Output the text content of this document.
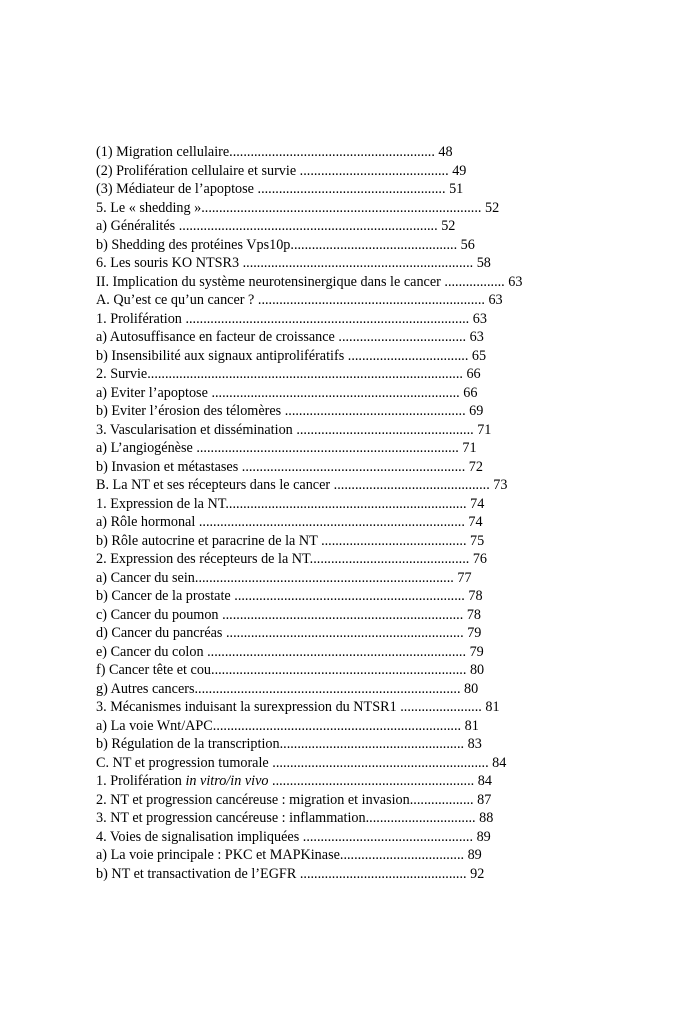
(1) Migration cellulaire.......................................................... 48
(2) Prolifération cellulaire et survie .......................................... 49
(3) Médiateur de l’apoptose ..................................................... 51
5. Le « shedding »............................................................................... 52
a) Généralités ......................................................................... 52
b) Shedding des protéines Vps10p............................................... 56
6. Les souris KO NTSR3 ................................................................. 58
II. Implication du système neurotensinergique dans le cancer ................. 63
A. Qu’est ce qu’un cancer ? ................................................................ 63
1. Prolifération ................................................................................ 63
a) Autosuffisance en facteur de croissance .................................... 63
b) Insensibilité aux signaux antiprolifératifs .................................. 65
2. Survie......................................................................................... 66
a) Eviter l’apoptose ...................................................................... 66
b) Eviter l’érosion des télomères ................................................... 69
3. Vascularisation et dissémination .................................................. 71
a) L’angiogénèse .......................................................................... 71
b) Invasion et métastases ............................................................... 72
B. La NT et ses récepteurs dans le cancer ............................................ 73
1. Expression de la NT.................................................................... 74
a) Rôle hormonal ........................................................................... 74
b) Rôle autocrine et paracrine de la NT ......................................... 75
2. Expression des récepteurs de la NT............................................. 76
a) Cancer du sein......................................................................... 77
b) Cancer de la prostate ................................................................. 78
c) Cancer du poumon .................................................................... 78
d) Cancer du pancréas ................................................................... 79
e) Cancer du colon ......................................................................... 79
f) Cancer tête et cou........................................................................ 80
g) Autres cancers........................................................................... 80
3. Mécanismes induisant la surexpression du NTSR1 ....................... 81
a) La voie Wnt/APC...................................................................... 81
b) Régulation de la transcription.................................................... 83
C. NT et progression tumorale ............................................................. 84
1. Prolifération in vitro/in vivo ......................................................... 84
2. NT et progression cancéreuse : migration et invasion.................. 87
3. NT et progression cancéreuse : inflammation............................... 88
4. Voies de signalisation impliquées ................................................ 89
a) La voie principale : PKC et MAPKinase................................... 89
b) NT et transactivation de l’EGFR ............................................... 92
